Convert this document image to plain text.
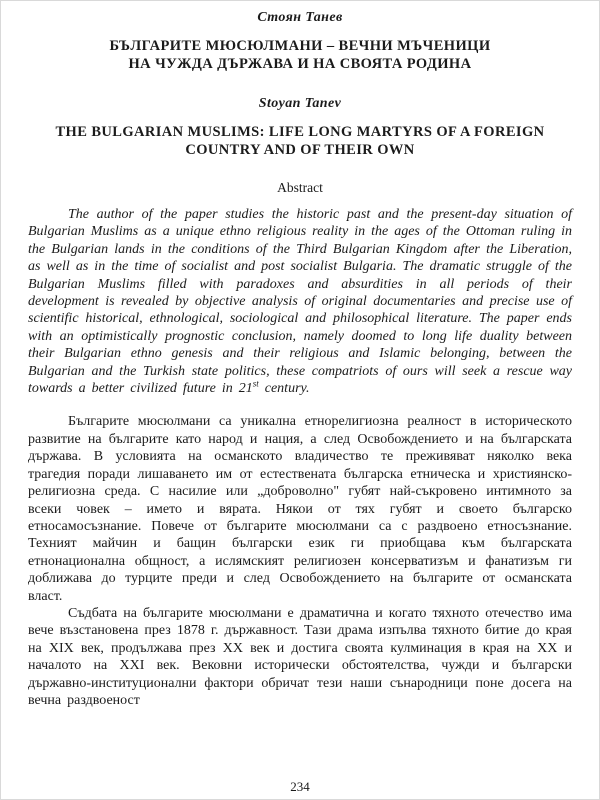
Стоян Танев

БЪЛГАРИТЕ МЮСЮЛМАНИ – ВЕЧНИ МЪЧЕНИЦИ
НА ЧУЖДА ДЪРЖАВА И НА СВОЯТА РОДИНА

Stoyan Tanev

THE BULGARIAN MUSLIMS: LIFE LONG MARTYRS OF A FOREIGN
COUNTRY AND OF THEIR OWN

Abstract

The author of the paper studies the historic past and the present-day situation of Bulgarian Muslims as a unique ethno religious reality in the ages of the Ottoman ruling in the Bulgarian lands in the conditions of the Third Bulgarian Kingdom after the Liberation, as well as in the time of socialist and post socialist Bulgaria. The dramatic struggle of the Bulgarian Muslims filled with paradoxes and absurdities in all periods of their development is revealed by objective analysis of original documentaries and precise use of scientific historical, ethnological, sociological and philosophical literature. The paper ends with an optimistically prognostic conclusion, namely doomed to long life duality between their Bulgarian ethno genesis and their religious and Islamic belonging, between the Bulgarian and the Turkish state politics, these compatriots of ours will seek a rescue way towards a better civilized future in 21st century.

Българите мюсюлмани са уникална етнорелигиозна реалност в историческото развитие на българите като народ и нация, а след Освобождението и на българската държава. В условията на османското владичество те преживяват няколко века трагедия поради лишаването им от естествената българска етническа и християнско-религиозна среда. С насилие или „доброволно" губят най-съкровено интимното за всеки човек – името и вярата. Някои от тях губят и своето българско етносамосъзнание. Повече от българите мюсюлмани са с раздвоено етносъзнание. Техният майчин и бащин български език ги приобщава към българската етнонационална общност, а ислямският религиозен консерватизъм и фанатизъм ги доближава до турците преди и след Освобождението на българите от османската власт.

Съдбата на българите мюсюлмани е драматична и когато тяхното отечество има вече възстановена през 1878 г. държавност. Тази драма изпълва тяхното битие до края на XIX век, продължава през XX век и достига своята кулминация в края на XX и началото на XXI век. Вековни исторически обстоятелства, чужди и български държавно-институционални фактори обричат тези наши сънародници поне досега на вечна раздвоеност

234
